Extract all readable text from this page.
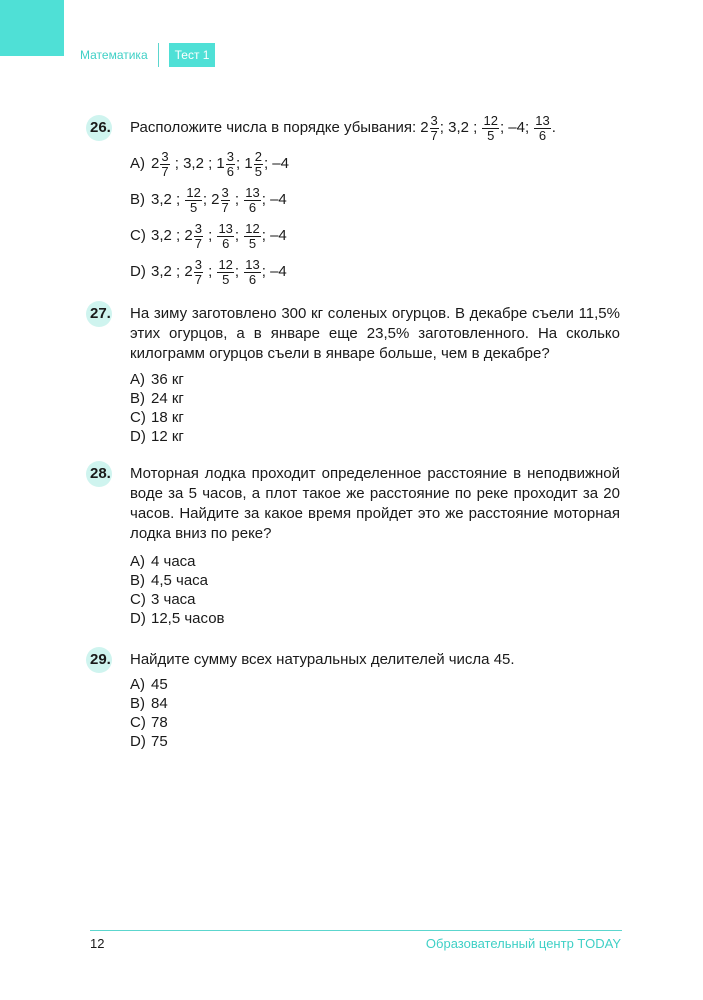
Математика	Тест 1
26.	Расположите числа в порядке убывания: $2 \frac{3}{7}$ ; 3,2 ; $\frac{12}{5}$ ; –4; $\frac{13}{6}$ .
A) $2 \frac{3}{7}$ ; 3,2 ; $1 \frac{3}{6}$ ; $1 \frac{2}{5}$ ; –4
B) 3,2 ; $\frac{12}{5}$ ; $2 \frac{3}{7}$ ; $\frac{13}{6}$ ; –4
C) 3,2 ; $2 \frac{3}{7}$ ; $\frac{13}{6}$ ; $\frac{12}{5}$ ; –4
D) 3,2 ; $2 \frac{3}{7}$ ; $\frac{12}{5}$ ; $\frac{13}{6}$ ; –4
27.	На зиму заготовлено 300 кг соленых огурцов. В декабре съели 11,5% этих огурцов, а в январе еще 23,5% заготовленного. На сколько килограмм огурцов съели в январе больше, чем в декабре?
A) 36 кг
B) 24 кг
C) 18 кг
D) 12 кг
28.	Моторная лодка проходит определенное расстояние в неподвижной воде за 5 часов, а плот такое же расстояние по реке проходит за 20 часов. Найдите за какое время пройдет это же расстояние моторная лодка вниз по реке?
A) 4 часа
B) 4,5 часа
C) 3 часа
D) 12,5 часов
29.	Найдите сумму всех натуральных делителей числа 45.
A) 45
B) 84
C) 78
D) 75
12	Образовательный центр TODAY
